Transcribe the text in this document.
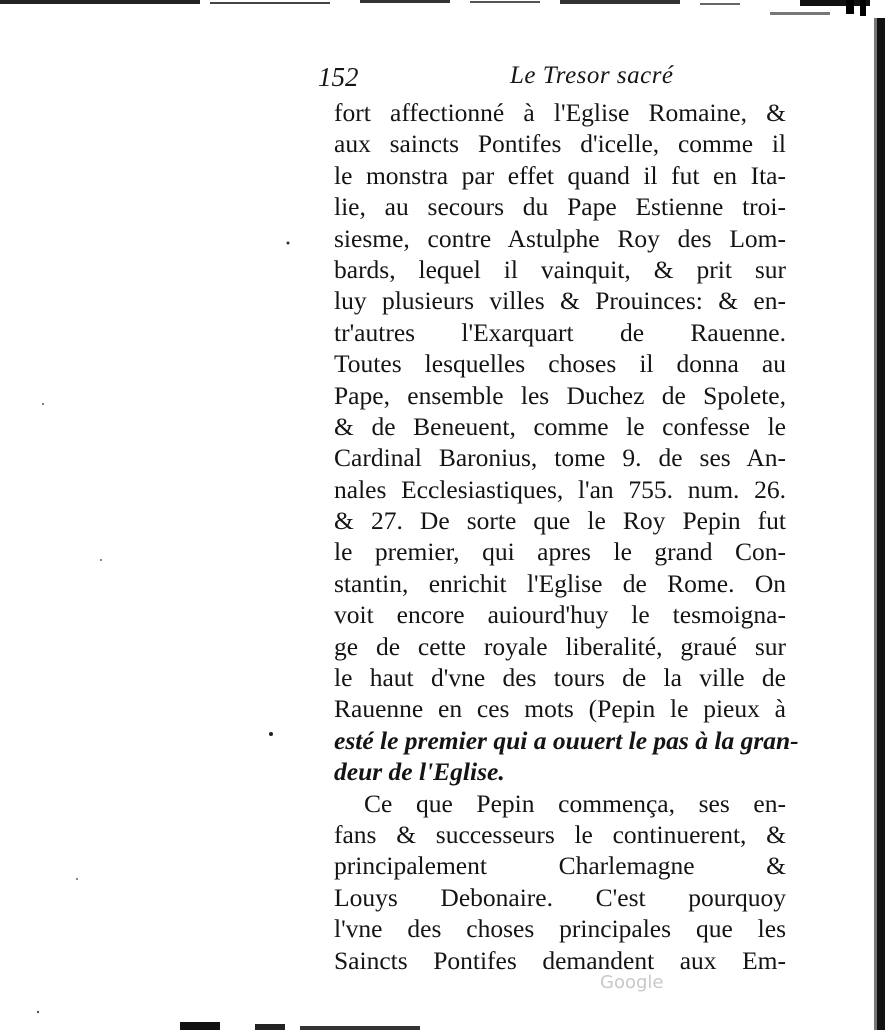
152	Le Tresor sacré
fort affectionné à l'Eglise Romaine, &
aux saincts Pontifes d'icelle, comme il
le monstra par effet quand il fut en Ita-
lie, au secours du Pape Estienne troi-
siesme, contre Astulphe Roy des Lom-
bards, lequel il vainquit, & prit sur
luy plusieurs villes & Prouinces: & en-
tr'autres l'Exarquart de Rauenne.
Toutes lesquelles choses il donna au
Pape, ensemble les Duchez de Spolete,
& de Beneuent, comme le confesse le
Cardinal Baronius, tome 9. de ses An-
nales Ecclesiastiques, l'an 755. num. 26.
& 27. De sorte que le Roy Pepin fut
le premier, qui apres le grand Con-
stantin, enrichit l'Eglise de Rome. On
voit encore auiourd'huy le tesmoigna-
ge de cette royale liberalité, graué sur
le haut d'vne des tours de la ville de
Rauenne en ces mots (Pepin le pieux à
esté le premier qui a ouuert le pas à la gran-
deur de l'Eglise.
Ce que Pepin commença, ses en-
fans & successeurs le continuerent, &
principalement Charlemagne &
Louys Debonaire. C'est pourquoy
l'vne des choses principales que les
Saincts Pontifes demandent aux Em-
Google
